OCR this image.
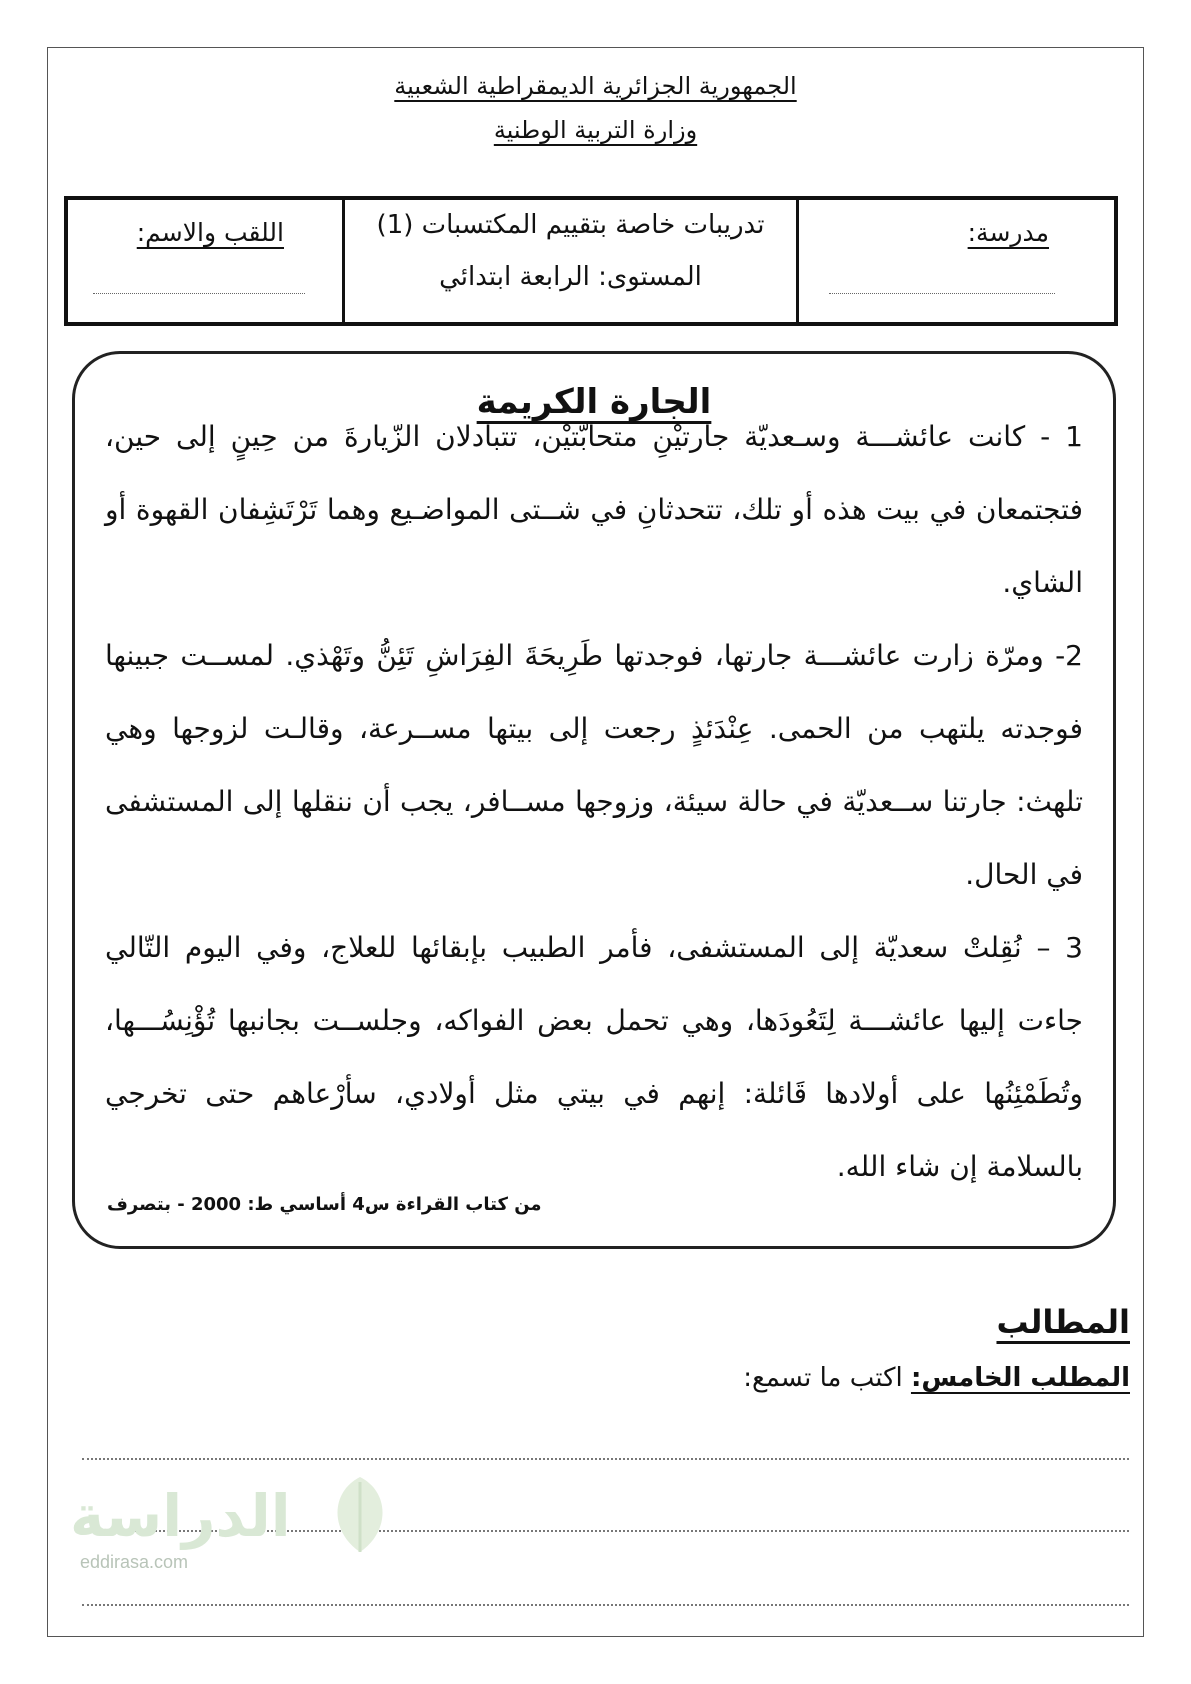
الجمهورية الجزائرية الديمقراطية الشعبية
وزارة التربية الوطنية
مدرسة:
تدريبات خاصة بتقييم المكتسبات (1)
المستوى: الرابعة ابتدائي
اللقب والاسم:
الجارة الكريمة

1 - كانت عائشـــة وسـعديّة جارتيْنِ متحابّتيْن، تتبادلان الزّيارةَ من حِينٍ إلى حين، فتجتمعان في بيت هذه أو تلك، تتحدثانِ في شــتى المواضـيع وهما تَرْتَشِفان القهوة أو الشاي.

2- ومرّة زارت عائشـــة جارتها، فوجدتها طَرِيحَةَ الفِرَاشِ تَئِنُّ وتَهْذي. لمســت جبينها فوجدته يلتهب من الحمى. عِنْدَئذٍ رجعت إلى بيتها مســرعة، وقالـت لزوجها وهي تلهث: جارتنا ســعديّة في حالة سيئة، وزوجها مســافر، يجب أن ننقلها إلى المستشفى في الحال.

3 – نُقِلتْ سعديّة إلى المستشفى، فأمر الطبيب بإبقائها للعلاج، وفي اليوم التّالي جاءت إليها عائشـــة لِتَعُودَها، وهي تحمل بعض الفواكه، وجلســت بجانبها تُؤْنِسُـــها، وتُطَمْئِنُها على أولادها قَائلة: إنهم في بيتي مثل أولادي، سأرْعاهم حتى تخرجي بالسلامة إن شاء الله.

من كتاب القراءة س4 أساسي ط: 2000 - بتصرف
المطالب
المطلب الخامس: اكتب ما تسمع:
الدراسة
eddirasa.com
